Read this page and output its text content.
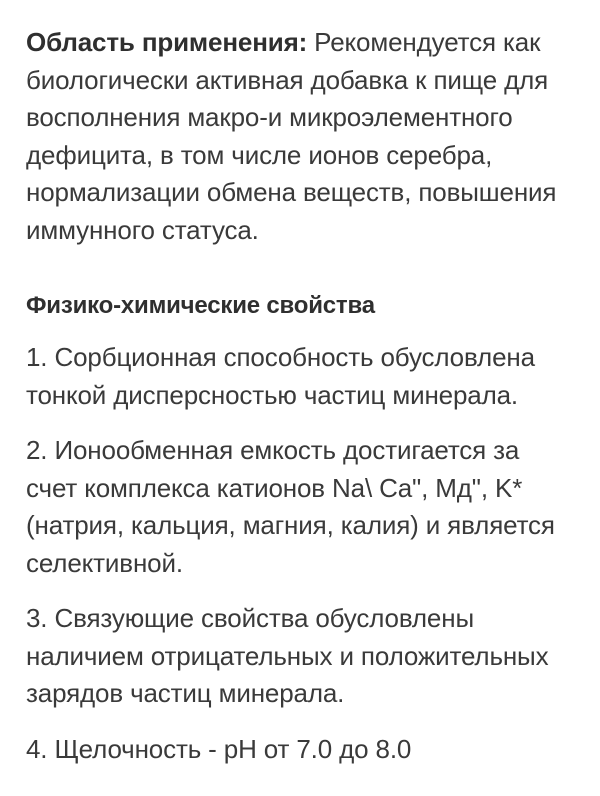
Область применения: Рекомендуется как биологически активная добавка к пище для восполнения макро-и микроэлементного дефицита, в том числе ионов серебра, нормализации обмена веществ, повышения иммунного статуса.

Физико-химические свойства

1. Сорбционная способность обусловлена тонкой дисперсностью частиц минерала.

2. Ионообменная емкость достигается за счет комплекса катионов Na\ Ca", Мд", K* (натрия, кальция, магния, калия) и является селективной.

3. Связующие свойства обусловлены наличием отрицательных и положительных зарядов частиц минерала.

4. Щелочность - pH от 7.0 до 8.0
